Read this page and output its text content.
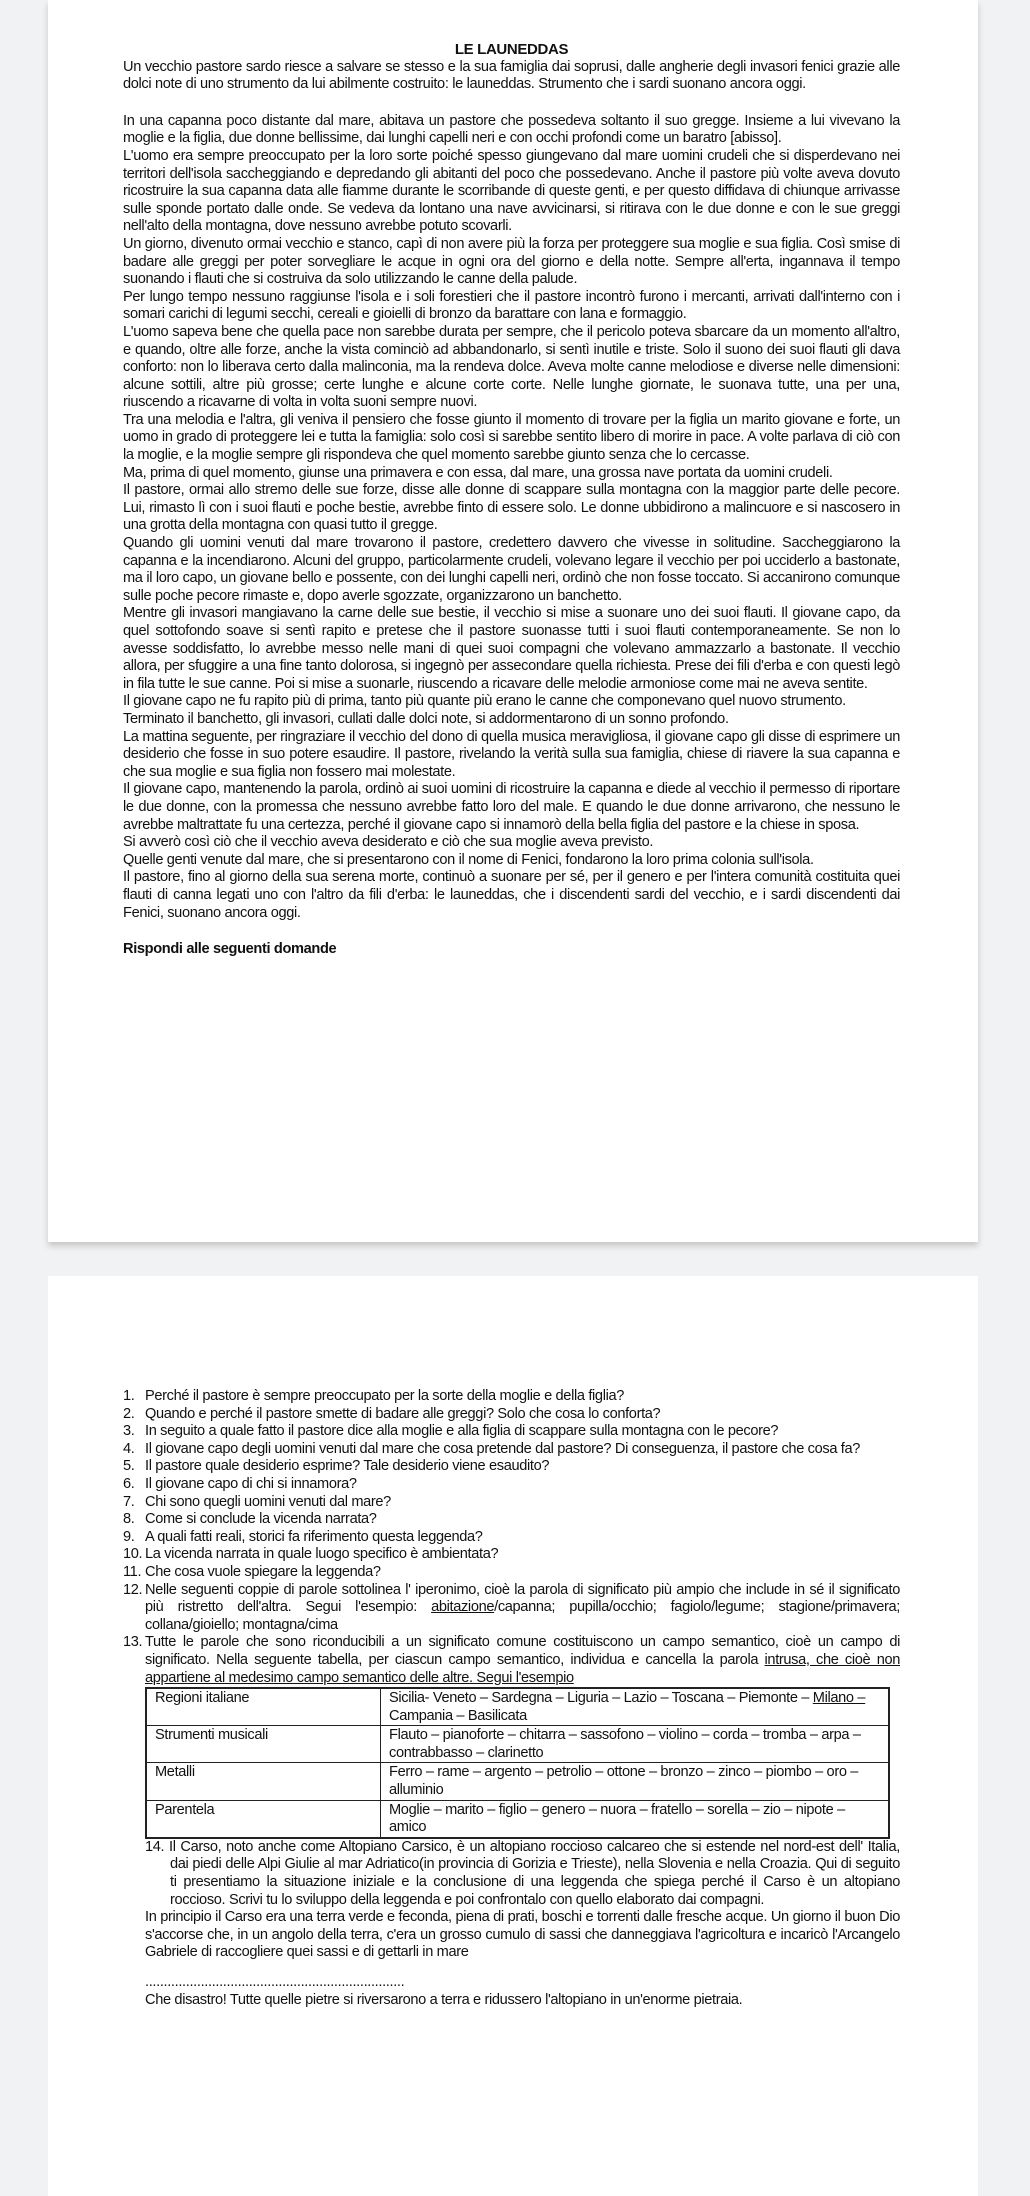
LE LAUNEDDAS

Un vecchio pastore sardo riesce a salvare se stesso e la sua famiglia dai soprusi, dalle angherie degli invasori fenici grazie alle dolci note di uno strumento da lui abilmente costruito: le launeddas. Strumento che i sardi suonano ancora oggi.

In una capanna poco distante dal mare, abitava un pastore che possedeva soltanto il suo gregge. Insieme a lui vivevano la moglie e la figlia, due donne bellissime, dai lunghi capelli neri e con occhi profondi come un baratro [abisso].

L'uomo era sempre preoccupato per la loro sorte poiché spesso giungevano dal mare uomini crudeli che si disperdevano nei territori dell'isola saccheggiando e depredando gli abitanti del poco che possedevano. Anche il pastore più volte aveva dovuto ricostruire la sua capanna data alle fiamme durante le scorribande di queste genti, e per questo diffidava di chiunque arrivasse sulle sponde portato dalle onde. Se vedeva da lontano una nave avvicinarsi, si ritirava con le due donne e con le sue greggi nell'alto della montagna, dove nessuno avrebbe potuto scovarli.

Un giorno, divenuto ormai vecchio e stanco, capì di non avere più la forza per proteggere sua moglie e sua figlia. Così smise di badare alle greggi per poter sorvegliare le acque in ogni ora del giorno e della notte. Sempre all'erta, ingannava il tempo suonando i flauti che si costruiva da solo utilizzando le canne della palude.

Per lungo tempo nessuno raggiunse l'isola e i soli forestieri che il pastore incontrò furono i mercanti, arrivati dall'interno con i somari carichi di legumi secchi, cereali e gioielli di bronzo da barattare con lana e formaggio.

L'uomo sapeva bene che quella pace non sarebbe durata per sempre, che il pericolo poteva sbarcare da un momento all'altro, e quando, oltre alle forze, anche la vista cominciò ad abbandonarlo, si sentì inutile e triste. Solo il suono dei suoi flauti gli dava conforto: non lo liberava certo dalla malinconia, ma la rendeva dolce. Aveva molte canne melodiose e diverse nelle dimensioni: alcune sottili, altre più grosse; certe lunghe e alcune corte corte. Nelle lunghe giornate, le suonava tutte, una per una, riuscendo a ricavarne di volta in volta suoni sempre nuovi.

Tra una melodia e l'altra, gli veniva il pensiero che fosse giunto il momento di trovare per la figlia un marito giovane e forte, un uomo in grado di proteggere lei e tutta la famiglia: solo così si sarebbe sentito libero di morire in pace. A volte parlava di ciò con la moglie, e la moglie sempre gli rispondeva che quel momento sarebbe giunto senza che lo cercasse.

Ma, prima di quel momento, giunse una primavera e con essa, dal mare, una grossa nave portata da uomini crudeli.

Il pastore, ormai allo stremo delle sue forze, disse alle donne di scappare sulla montagna con la maggior parte delle pecore. Lui, rimasto lì con i suoi flauti e poche bestie, avrebbe finto di essere solo. Le donne ubbidirono a malincuore e si nascosero in una grotta della montagna con quasi tutto il gregge.

Quando gli uomini venuti dal mare trovarono il pastore, credettero davvero che vivesse in solitudine. Saccheggiarono la capanna e la incendiarono. Alcuni del gruppo, particolarmente crudeli, volevano legare il vecchio per poi ucciderlo a bastonate, ma il loro capo, un giovane bello e possente, con dei lunghi capelli neri, ordinò che non fosse toccato. Si accanirono comunque sulle poche pecore rimaste e, dopo averle sgozzate, organizzarono un banchetto.

Mentre gli invasori mangiavano la carne delle sue bestie, il vecchio si mise a suonare uno dei suoi flauti. Il giovane capo, da quel sottofondo soave si sentì rapito e pretese che il pastore suonasse tutti i suoi flauti contemporaneamente. Se non lo avesse soddisfatto, lo avrebbe messo nelle mani di quei suoi compagni che volevano ammazzarlo a bastonate. Il vecchio allora, per sfuggire a una fine tanto dolorosa, si ingegnò per assecondare quella richiesta. Prese dei fili d'erba e con questi legò in fila tutte le sue canne. Poi si mise a suonarle, riuscendo a ricavare delle melodie armoniose come mai ne aveva sentite.

Il giovane capo ne fu rapito più di prima, tanto più quante più erano le canne che componevano quel nuovo strumento.

Terminato il banchetto, gli invasori, cullati dalle dolci note, si addormentarono di un sonno profondo.

La mattina seguente, per ringraziare il vecchio del dono di quella musica meravigliosa, il giovane capo gli disse di esprimere un desiderio che fosse in suo potere esaudire. Il pastore, rivelando la verità sulla sua famiglia, chiese di riavere la sua capanna e che sua moglie e sua figlia non fossero mai molestate.

Il giovane capo, mantenendo la parola, ordinò ai suoi uomini di ricostruire la capanna e diede al vecchio il permesso di riportare le due donne, con la promessa che nessuno avrebbe fatto loro del male. E quando le due donne arrivarono, che nessuno le avrebbe maltrattate fu una certezza, perché il giovane capo si innamorò della bella figlia del pastore e la chiese in sposa.

Si avverò così ciò che il vecchio aveva desiderato e ciò che sua moglie aveva previsto.

Quelle genti venute dal mare, che si presentarono con il nome di Fenici, fondarono la loro prima colonia sull'isola.

Il pastore, fino al giorno della sua serena morte, continuò a suonare per sé, per il genero e per l'intera comunità costituita quei flauti di canna legati uno con l'altro da fili d'erba: le launeddas, che i discendenti sardi del vecchio, e i sardi discendenti dai Fenici, suonano ancora oggi.

Rispondi alle seguenti domande

1. Perché il pastore è sempre preoccupato per la sorte della moglie e della figlia?
2. Quando e perché il pastore smette di badare alle greggi? Solo che cosa lo conforta?
3. In seguito a quale fatto il pastore dice alla moglie e alla figlia di scappare sulla montagna con le pecore?
4. Il giovane capo degli uomini venuti dal mare che cosa pretende dal pastore? Di conseguenza, il pastore che cosa fa?
5. Il pastore quale desiderio esprime? Tale desiderio viene esaudito?
6. Il giovane capo di chi si innamora?
7. Chi sono quegli uomini venuti dal mare?
8. Come si conclude la vicenda narrata?
9. A quali fatti reali, storici fa riferimento questa leggenda?
10. La vicenda narrata in quale luogo specifico è ambientata?
11. Che cosa vuole spiegare la leggenda?
12. Nelle seguenti coppie di parole sottolinea l' iperonimo, cioè la parola di significato più ampio che include in sé il significato più ristretto dell'altra. Segui l'esempio: abitazione/capanna; pupilla/occhio; fagiolo/legume; stagione/primavera; collana/gioiello; montagna/cima
13. Tutte le parole che sono riconducibili a un significato comune costituiscono un campo semantico, cioè un campo di significato. Nella seguente tabella, per ciascun campo semantico, individua e cancella la parola intrusa, che cioè non appartiene al medesimo campo semantico delle altre. Segui l'esempio
Regioni italiane	Sicilia- Veneto – Sardegna – Liguria – Lazio – Toscana – Piemonte – Milano – Campania – Basilicata
Strumenti musicali	Flauto – pianoforte – chitarra – sassofono – violino – corda – tromba – arpa – contrabbasso – clarinetto
Metalli	Ferro – rame – argento – petrolio – ottone – bronzo – zinco – piombo – oro – alluminio
Parentela	Moglie – marito – figlio – genero – nuora – fratello – sorella – zio – nipote – amico

14. Il Carso, noto anche come Altopiano Carsico, è un altopiano roccioso calcareo che si estende nel nord-est dell' Italia, dai piedi delle Alpi Giulie al mar Adriatico(in provincia di Gorizia e Trieste), nella Slovenia e nella Croazia. Qui di seguito ti presentiamo la situazione iniziale e la conclusione di una leggenda che spiega perché il Carso è un altopiano roccioso. Scrivi tu lo sviluppo della leggenda e poi confrontalo con quello elaborato dai compagni.

In principio il Carso era una terra verde e feconda, piena di prati, boschi e torrenti dalle fresche acque. Un giorno il buon Dio s'accorse che, in un angolo della terra, c'era un grosso cumulo di sassi che danneggiava l'agricoltura e incaricò l'Arcangelo Gabriele di raccogliere quei sassi e di gettarli in mare

......................................................................

Che disastro! Tutte quelle pietre si riversarono a terra e ridussero l'altopiano in un'enorme pietraia.
